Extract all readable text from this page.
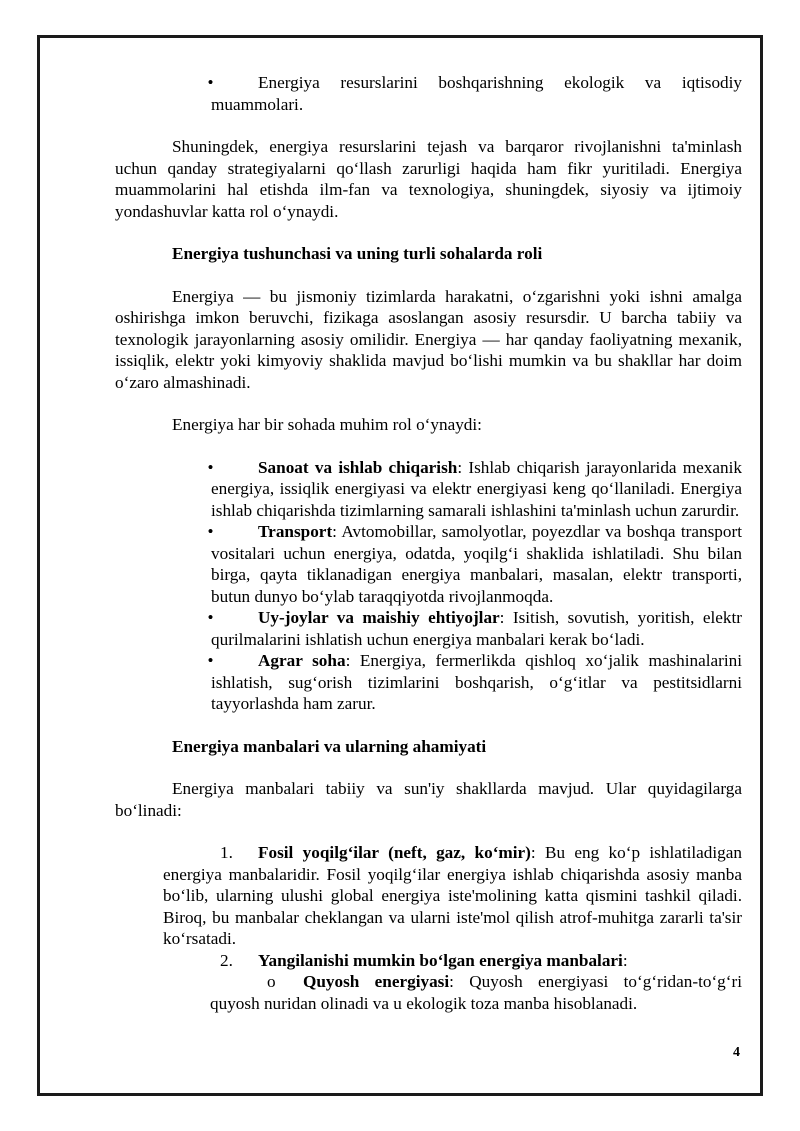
•	Energiya resurslarini boshqarishning ekologik va iqtisodiy muammolari.

Shuningdek, energiya resurslarini tejash va barqaror rivojlanishni ta'minlash uchun qanday strategiyalarni qo‘llash zarurligi haqida ham fikr yuritiladi. Energiya muammolarini hal etishda ilm-fan va texnologiya, shuningdek, siyosiy va ijtimoiy yondashuvlar katta rol o‘ynaydi.

Energiya tushunchasi va uning turli sohalarda roli

Energiya — bu jismoniy tizimlarda harakatni, o‘zgarishni yoki ishni amalga oshirishga imkon beruvchi, fizikaga asoslangan asosiy resursdir. U barcha tabiiy va texnologik jarayonlarning asosiy omilidir. Energiya — har qanday faoliyatning mexanik, issiqlik, elektr yoki kimyoviy shaklida mavjud bo‘lishi mumkin va bu shakllar har doim o‘zaro almashinadi.

Energiya har bir sohada muhim rol o‘ynaydi:

•	Sanoat va ishlab chiqarish: Ishlab chiqarish jarayonlarida mexanik energiya, issiqlik energiyasi va elektr energiyasi keng qo‘llaniladi. Energiya ishlab chiqarishda tizimlarning samarali ishlashini ta'minlash uchun zarurdir.

•	Transport: Avtomobillar, samolyotlar, poyezdlar va boshqa transport vositalari uchun energiya, odatda, yoqilg‘i shaklida ishlatiladi. Shu bilan birga, qayta tiklanadigan energiya manbalari, masalan, elektr transporti, butun dunyo bo‘ylab taraqqiyotda rivojlanmoqda.

•	Uy-joylar va maishiy ehtiyojlar: Isitish, sovutish, yoritish, elektr qurilmalarini ishlatish uchun energiya manbalari kerak bo‘ladi.

•	Agrar soha: Energiya, fermerlikda qishloq xo‘jalik mashinalarini ishlatish, sug‘orish tizimlarini boshqarish, o‘g‘itlar va pestitsidlarni tayyorlashda ham zarur.

Energiya manbalari va ularning ahamiyati

Energiya manbalari tabiiy va sun'iy shakllarda mavjud. Ular quyidagilarga bo‘linadi:

1. Fosil yoqilg‘ilar (neft, gaz, ko‘mir): Bu eng ko‘p ishlatiladigan energiya manbalaridir. Fosil yoqilg‘ilar energiya ishlab chiqarishda asosiy manba bo‘lib, ularning ulushi global energiya iste'molining katta qismini tashkil qiladi. Biroq, bu manbalar cheklangan va ularni iste'mol qilish atrof-muhitga zararli ta'sir ko‘rsatadi.

2. Yangilanishi mumkin bo‘lgan energiya manbalari:

o Quyosh energiyasi: Quyosh energiyasi to‘g‘ridan-to‘g‘ri quyosh nuridan olinadi va u ekologik toza manba hisoblanadi.

4
